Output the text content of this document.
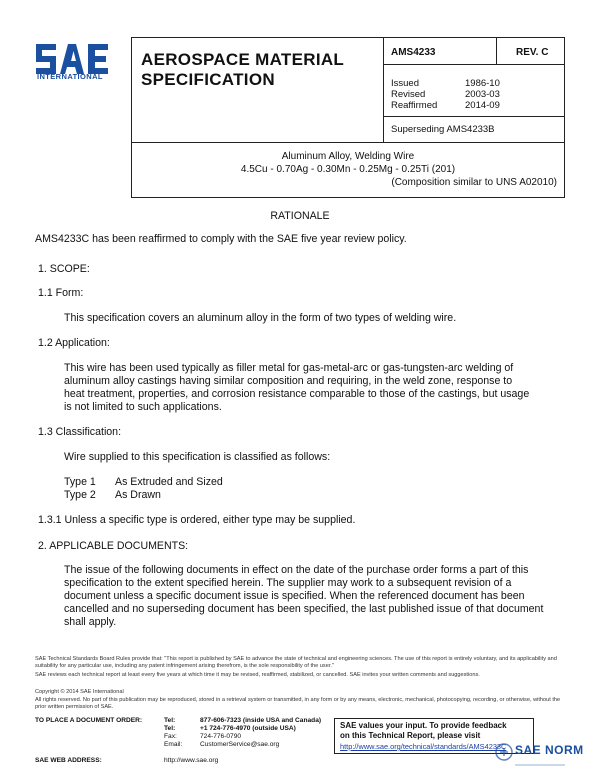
INTERNATIONAL
AEROSPACE MATERIAL
SPECIFICATION
AMS4233	REV. C
Issued	1986-10
Revised	2003-03
Reaffirmed	2014-09
Superseding AMS4233B
Aluminum Alloy, Welding Wire
4.5Cu - 0.70Ag - 0.30Mn - 0.25Mg - 0.25Ti (201)
(Composition similar to UNS A02010)
RATIONALE
AMS4233C has been reaffirmed to comply with the SAE five year review policy.
1. SCOPE:
1.1 Form:
This specification covers an aluminum alloy in the form of two types of welding wire.
1.2 Application:
This wire has been used typically as filler metal for gas-metal-arc or gas-tungsten-arc welding of aluminum alloy castings having similar composition and requiring, in the weld zone, response to heat treatment, properties, and corrosion resistance comparable to those of the castings, but usage is not limited to such applications.
1.3 Classification:
Wire supplied to this specification is classified as follows:
Type 1 As Extruded and Sized
Type 2 As Drawn
1.3.1 Unless a specific type is ordered, either type may be supplied.
2. APPLICABLE DOCUMENTS:
The issue of the following documents in effect on the date of the purchase order forms a part of this specification to the extent specified herein. The supplier may work to a subsequent revision of a document unless a specific document issue is specified. When the referenced document has been cancelled and no superseding document has been specified, the last published issue of that document shall apply.
SAE Technical Standards Board Rules provide that: "This report is published by SAE to advance the state of technical and engineering sciences. The use of this report is entirely voluntary, and its applicability and suitability for any particular use, including any patent infringement arising therefrom, is the sole responsibility of the user."
SAE reviews each technical report at least every five years at which time it may be revised, reaffirmed, stabilized, or cancelled. SAE invites your written comments and suggestions.
Copyright © 2014 SAE International
All rights reserved. No part of this publication may be reproduced, stored in a retrieval system or transmitted, in any form or by any means, electronic, mechanical, photocopying, recording, or otherwise, without the prior written permission of SAE.
TO PLACE A DOCUMENT ORDER:	Tel:	877-606-7323 (inside USA and Canada)
Tel:	+1 724-776-4970 (outside USA)
Fax:	724-776-0790
Email:	CustomerService@sae.org
SAE WEB ADDRESS:	http://www.sae.org
SAE values your input. To provide feedback
on this Technical Report, please visit
http://www.sae.org/technical/standards/AMS4233C SAE NORM
